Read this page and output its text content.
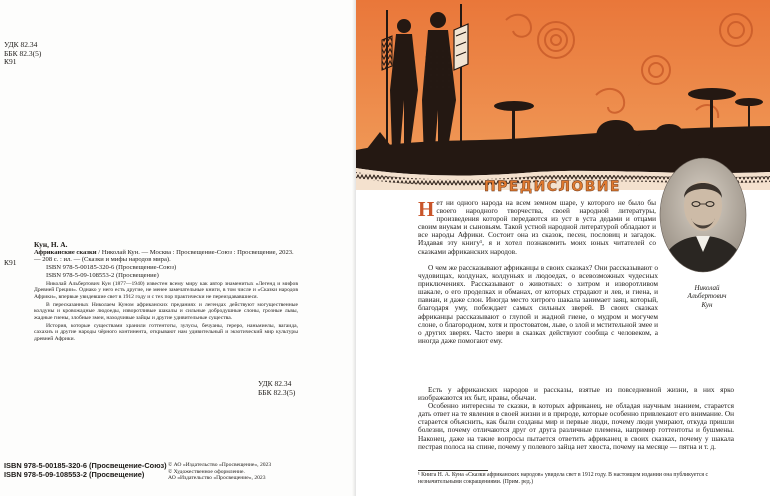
УДК 82.34
ББК 82.3(5)
К91
К91
Кун, Н. А.
Африканские сказки / Николай Кун. — Москва : Просвещение-Союз : Просвещение, 2023. — 208 с. : ил. — (Сказки и мифы народов мира).
ISBN 978-5-00185-320-6 (Просвещение-Союз)
ISBN 978-5-09-108553-2 (Просвещение)
Николай Альбертович Кун (1877—1940) известен всему миру как автор знаменитых «Легенд и мифов Древней Греции». Однако у него есть другие, не менее замечательные книги, в том числе и «Сказки народов Африки», впервые увидевшие свет в 1912 году и с тех пор практически не переиздававшиеся.
В пересказанных Николаем Куном африканских преданиях и легендах действуют могущественные колдуны и кровожадные людоеды, изворотливые шакалы и сильные добродушные слоны, грозные львы, жадные гиены, злобные змеи, находчивые зайцы и другие удивительные существа.
История, которые существами хранили готтентоты, зулусы, бечуаны, гереро, наньмиелы, вагаида, сахахиъ и другие народы чёрного континента, открывают нам удивительный и экзотический мир культуры древней Африки.
УДК 82.34
ББК 82.3(5)
ISBN 978-5-00185-320-6 (Просвещение-Союз)
ISBN 978-5-09-108553-2 (Просвещение)
© АО «Издательство «Просвещение», 2023
© Художественное оформление.
АО «Издательство «Просвещение», 2023
ПРЕДИСЛОВИЕ
Николай
Альбертович
Кун

Нет ни одного народа на всем земном шаре, у которого не было бы своего народного творчества, своей народной литературы, произведения которой передаются из уст в уста дедами и отцами своим внукам и сыновьям. Такой устной народной литературой обладают и все народы Африки. Состоит она из сказок, песен, пословиц и загадок. Издавая эту книгу¹, я и хотел познакомить моих юных читателей со сказками африканских народов.

О чем же рассказывают африканцы в своих сказках? Они рассказывают о чудовищах, колдунах, колдуньях и людоедах, о всевозможных чудесных приключениях. Рассказывают о животных: о хитром и изворотливом шакале, о его проделках и обманах, от которых страдают и лев, и гиена, и павиан, и даже слон. Иногда место хитрого шакала занимает заяц, который, благодаря уму, побеждает самых сильных зверей. В своих сказках африканцы рассказывают о глупой и жадной гиене, о мудром и могучем слоне, о благородном, хотя и простоватом, льве, о злой и мстительной змее и о других зверях. Часто звери в сказках действуют сообща с человеком, а иногда даже помогают ему.

Есть у африканских народов и рассказы, взятые из повседневной жизни, в них ярко изображаются их быт, нравы, обычаи.

Особенно интересны те сказки, в которых африканец, не обладая научным знанием, старается дать ответ на те явления в своей жизни и в природе, которые особенно привлекают его внимание. Он старается объяснить, как были созданы мир и первые люди, почему люди умирают, откуда пришли болезни, почему отличаются друг от друга различные племена, например готтентоты и бушмены. Наконец, даже на такие вопросы пытается ответить африканец в своих сказках, почему у шакала пестрая полоса на спине, почему у полевого зайца нет хвоста, почему на месяце — пятна и т. д.

¹ Книга Н. А. Куна «Сказки африканских народов» увидела свет в 1912 году. В настоящем издании она публикуется с незначительными сокращениями. (Прим. ред.)
